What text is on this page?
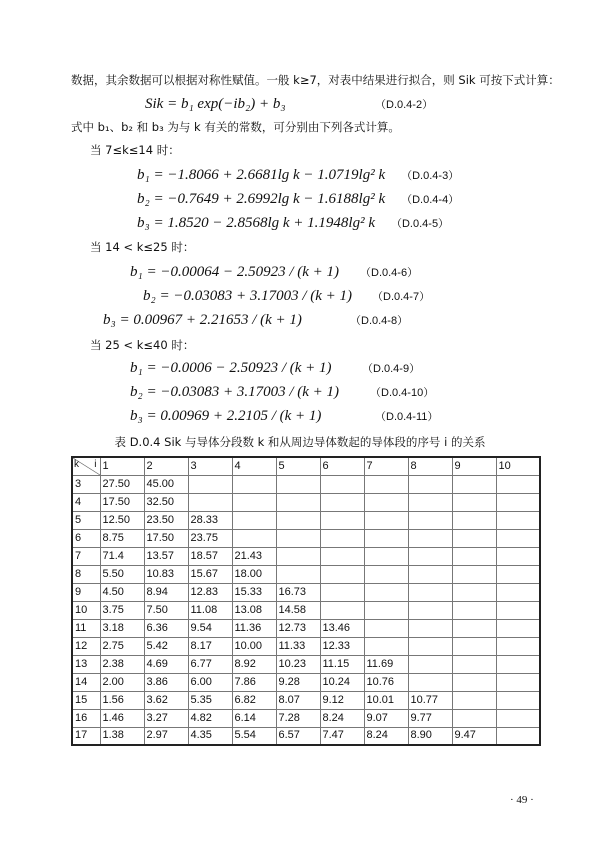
数据，其余数据可以根据对称性赋值。一般 k≥7，对表中结果进行拟合，则 Sik 可按下式计算：
Sik = b₁ exp(−ib₂) + b₃	（D.0.4-2）
式中 b₁、b₂ 和 b₃ 为与 k 有关的常数，可分别由下列各式计算。
当 7≤k≤14 时：
b₁ = −1.8066 + 2.6681lg k − 1.0719lg² k （D.0.4-3）
b₂ = −0.7649 + 2.6992lg k − 1.6188lg² k （D.0.4-4）
b₃ = 1.8520 − 2.8568lg k + 1.1948lg² k （D.0.4-5）
当 14 < k≤25 时：
b₁ = −0.00064 − 2.50923 / (k + 1)	（D.0.4-6）
b₂ = −0.03083 + 3.17003 / (k + 1)	（D.0.4-7）
b₃ = 0.00967 + 2.21653 / (k + 1)	（D.0.4-8）
当 25 < k≤40 时：
b₁ = −0.0006 − 2.50923 / (k + 1)	（D.0.4-9）
b₂ = −0.03083 + 3.17003 / (k + 1)	（D.0.4-10）
b₃ = 0.00969 + 2.2105 / (k + 1)	（D.0.4-11）
表 D.0.4 Sik 与导体分段数 k 和从周边导体数起的导体段的序号 i 的关系
k i	1	2	3	4	5	6	7	8	9	10
3	27.50	45.00								
4	17.50	32.50								
5	12.50	23.50	28.33							
6	8.75	17.50	23.75							
7	71.4	13.57	18.57	21.43						
8	5.50	10.83	15.67	18.00						
9	4.50	8.94	12.83	15.33	16.73					
10	3.75	7.50	11.08	13.08	14.58					
11	3.18	6.36	9.54	11.36	12.73	13.46				
12	2.75	5.42	8.17	10.00	11.33	12.33				
13	2.38	4.69	6.77	8.92	10.23	11.15	11.69			
14	2.00	3.86	6.00	7.86	9.28	10.24	10.76			
15	1.56	3.62	5.35	6.82	8.07	9.12	10.01	10.77		
16	1.46	3.27	4.82	6.14	7.28	8.24	9.07	9.77		
17	1.38	2.97	4.35	5.54	6.57	7.47	8.24	8.90	9.47	
· 49 ·
